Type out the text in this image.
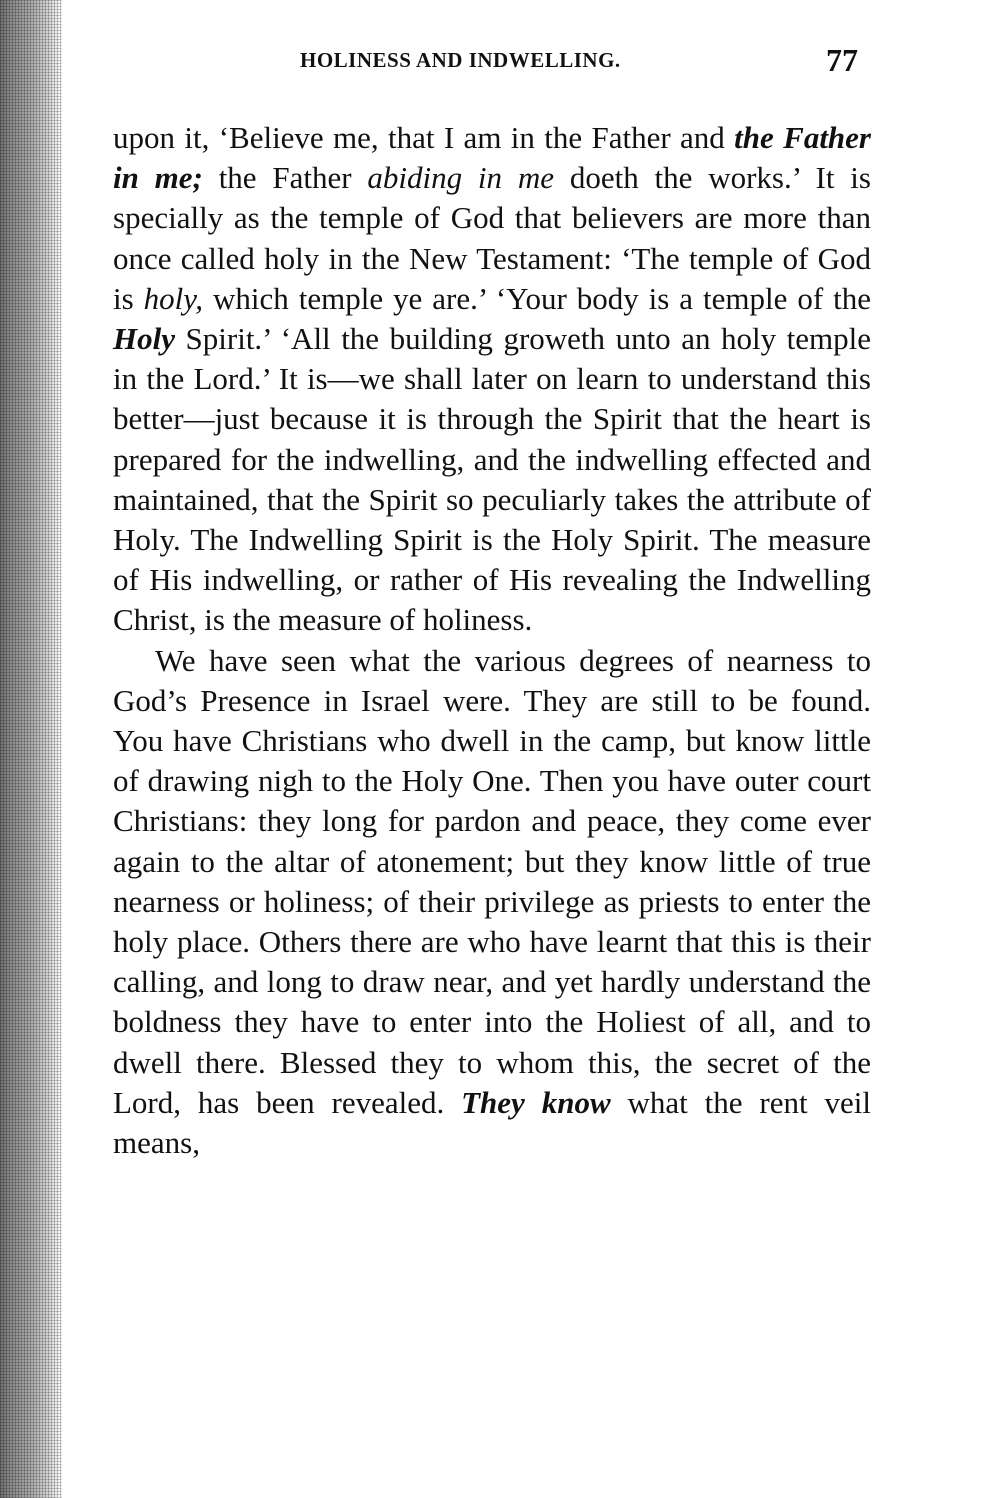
HOLINESS AND INDWELLING.	77

upon it, ‘Believe me, that I am in the Father and the Father in me; the Father abiding in me doeth the works.’ It is specially as the temple of God that believers are more than once called holy in the New Testament: ‘The temple of God is holy, which temple ye are.’ ‘Your body is a temple of the Holy Spirit.’ ‘All the building groweth unto an holy temple in the Lord.’ It is—we shall later on learn to understand this better—just because it is through the Spirit that the heart is prepared for the indwelling, and the indwelling effected and maintained, that the Spirit so peculiarly takes the attribute of Holy. The Indwelling Spirit is the Holy Spirit. The measure of His indwelling, or rather of His revealing the Indwelling Christ, is the measure of holiness.

We have seen what the various degrees of nearness to God’s Presence in Israel were. They are still to be found. You have Christians who dwell in the camp, but know little of drawing nigh to the Holy One. Then you have outer court Christians: they long for pardon and peace, they come ever again to the altar of atonement; but they know little of true nearness or holiness; of their privilege as priests to enter the holy place. Others there are who have learnt that this is their calling, and long to draw near, and yet hardly understand the boldness they have to enter into the Holiest of all, and to dwell there. Blessed they to whom this, the secret of the Lord, has been revealed. They know what the rent veil means,
